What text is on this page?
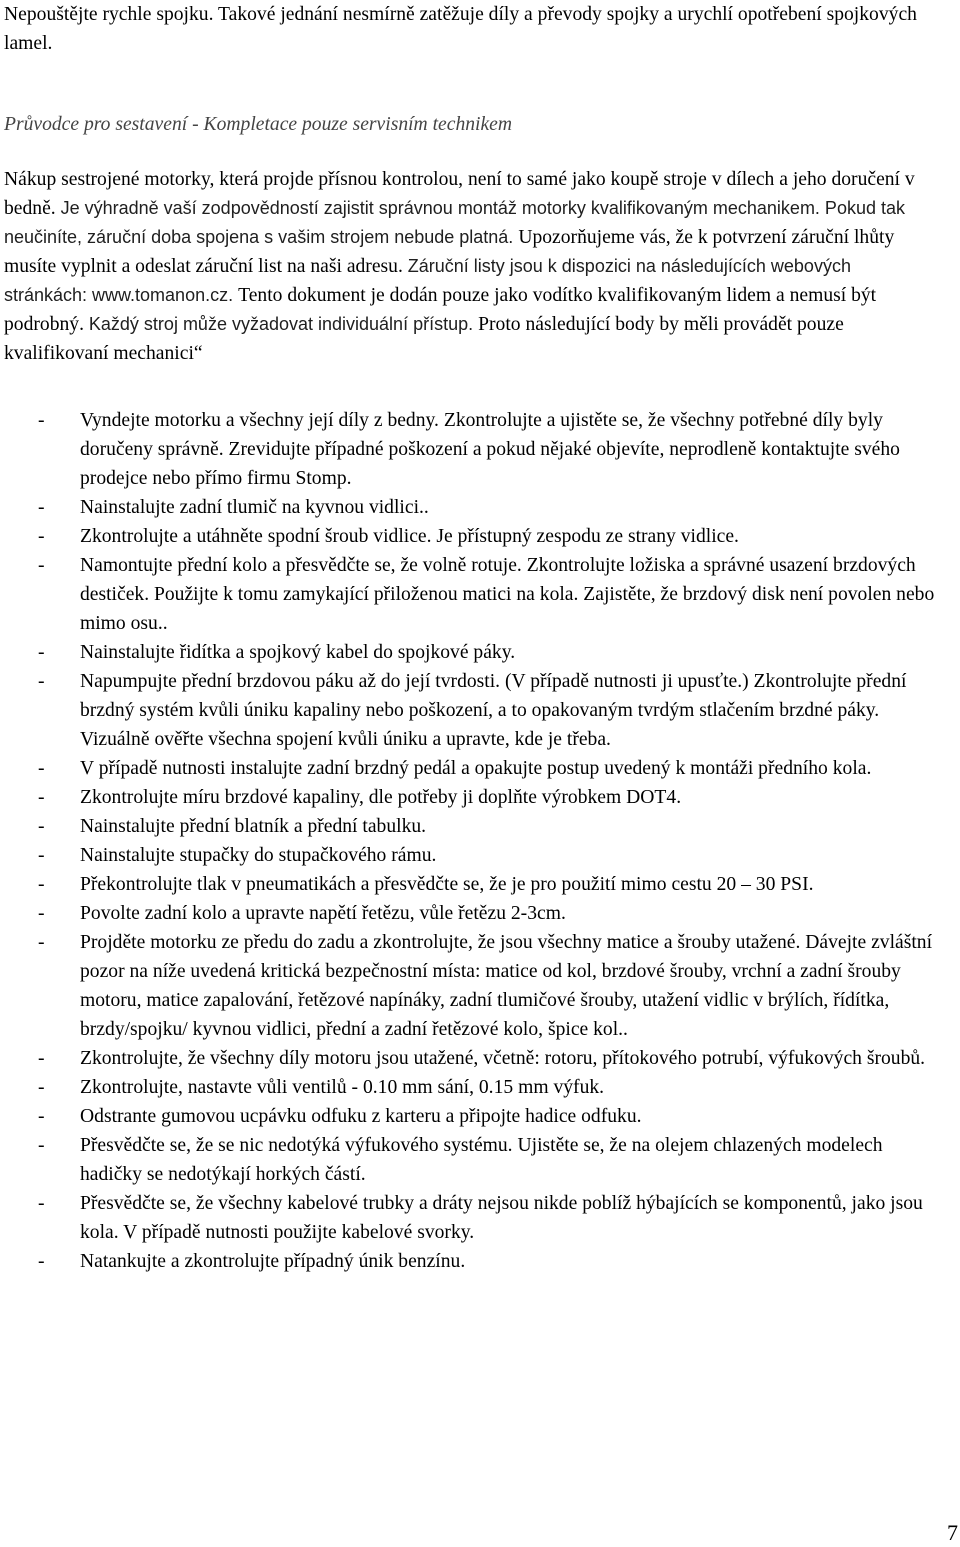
Nepouštějte rychle spojku. Takové jednání nesmírně zatěžuje díly a převody spojky a urychlí opotřebení spojkových lamel.

Průvodce pro sestavení - Kompletace pouze servisním technikem

Nákup sestrojené motorky, která projde přísnou kontrolou, není to samé jako koupě stroje v dílech a jeho doručení v bedně. Je výhradně vaší zodpovědností zajistit správnou montáž motorky kvalifikovaným mechanikem. Pokud tak neučiníte, záruční doba spojena s vašim strojem nebude platná. Upozorňujeme vás, že k potvrzení záruční lhůty musíte vyplnit a odeslat záruční list na naši adresu. Záruční listy jsou k dispozici na následujících webových stránkách: www.tomanon.cz. Tento dokument je dodán pouze jako vodítko kvalifikovaným lidem a nemusí být podrobný. Každý stroj může vyžadovat individuální přístup. Proto následující body by měli provádět pouze kvalifikovaní mechanici“

- Vyndejte motorku a všechny její díly z bedny. Zkontrolujte a ujistěte se, že všechny potřebné díly byly doručeny správně. Zrevidujte případné poškození a pokud nějaké objevíte, neprodleně kontaktujte svého prodejce nebo přímo firmu Stomp.
- Nainstalujte zadní tlumič na kyvnou vidlici..
- Zkontrolujte a utáhněte spodní šroub vidlice. Je přístupný zespodu ze strany vidlice.
- Namontujte přední kolo a přesvědčte se, že volně rotuje. Zkontrolujte ložiska a správné usazení brzdových destiček. Použijte k tomu zamykající přiloženou matici na kola. Zajistěte, že brzdový disk není povolen nebo mimo osu..
- Nainstalujte řidítka a spojkový kabel do spojkové páky.
- Napumpujte přední brzdovou páku až do její tvrdosti. (V případě nutnosti ji upusťte.) Zkontrolujte přední brzdný systém kvůli úniku kapaliny nebo poškození, a to opakovaným tvrdým stlačením brzdné páky. Vizuálně ověřte všechna spojení kvůli úniku a upravte, kde je třeba.
- V případě nutnosti instalujte zadní brzdný pedál a opakujte postup uvedený k montáži předního kola.
- Zkontrolujte míru brzdové kapaliny, dle potřeby ji doplňte výrobkem DOT4.
- Nainstalujte přední blatník a přední tabulku.
- Nainstalujte stupačky do stupačkového rámu.
- Překontrolujte tlak v pneumatikách a přesvědčte se, že je pro použití mimo cestu 20 – 30 PSI.
- Povolte zadní kolo a upravte napětí řetězu, vůle řetězu 2-3cm.
- Projděte motorku ze předu do zadu a zkontrolujte, že jsou všechny matice a šrouby utažené. Dávejte zvláštní pozor na níže uvedená kritická bezpečnostní místa: matice od kol, brzdové šrouby, vrchní a zadní šrouby motoru, matice zapalování, řetězové napínáky, zadní tlumičové šrouby, utažení vidlic v brýlích, řídítka, brzdy/spojku/ kyvnou vidlici, přední a zadní řetězové kolo, špice kol..
- Zkontrolujte, že všechny díly motoru jsou utažené, včetně: rotoru, přítokového potrubí, výfukových šroubů.
- Zkontrolujte, nastavte vůli ventilů - 0.10 mm sání, 0.15 mm výfuk.
- Odstrante gumovou ucpávku odfuku z karteru a připojte hadice odfuku.
- Přesvědčte se, že se nic nedotýká výfukového systému. Ujistěte se, že na olejem chlazených modelech hadičky se nedotýkají horkých částí.
- Přesvědčte se, že všechny kabelové trubky a dráty nejsou nikde poblíž hýbajících se komponentů, jako jsou kola. V případě nutnosti použijte kabelové svorky.
- Natankujte a zkontrolujte případný únik benzínu.
7
